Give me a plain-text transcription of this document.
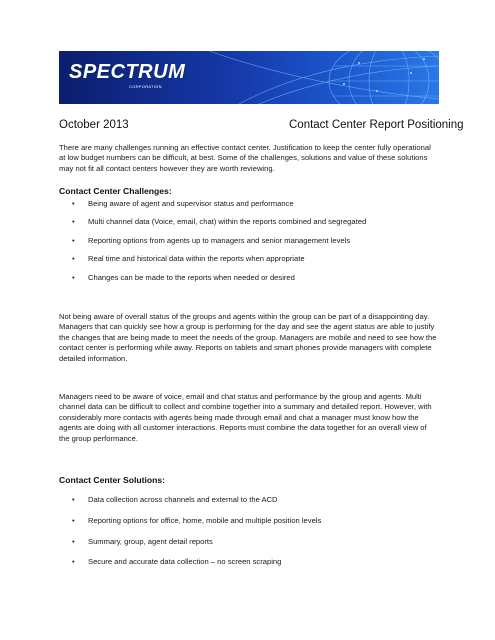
SPECTRUM
CORPORATION
October 2013	Contact Center Report Positioning

There are many challenges running an effective contact center. Justification to keep the center fully operational at low budget numbers can be difficult, at best. Some of the challenges, solutions and value of these solutions may not fit all contact centers however they are worth reviewing.

Contact Center Challenges:
• Being aware of agent and supervisor status and performance
• Multi channel data (Voice, email, chat) within the reports combined and segregated
• Reporting options from agents up to managers and senior management levels
• Real time and historical data within the reports when appropriate
• Changes can be made to the reports when needed or desired

Not being aware of overall status of the groups and agents within the group can be part of a disappointing day. Managers that can quickly see how a group is performing for the day and see the agent status are able to justify the changes that are being made to meet the needs of the group. Managers are mobile and need to see how the contact center is performing while away. Reports on tablets and smart phones provide managers with complete detailed information.

Managers need to be aware of voice, email and chat status and performance by the group and agents. Multi channel data can be difficult to collect and combine together into a summary and detailed report. However, with considerably more contacts with agents being made through email and chat a manager must know how the agents are doing with all customer interactions. Reports must combine the data together for an overall view of the group performance.

Contact Center Solutions:
• Data collection across channels and external to the ACD
• Reporting options for office, home, mobile and multiple position levels
• Summary, group, agent detail reports
• Secure and accurate data collection – no screen scraping
